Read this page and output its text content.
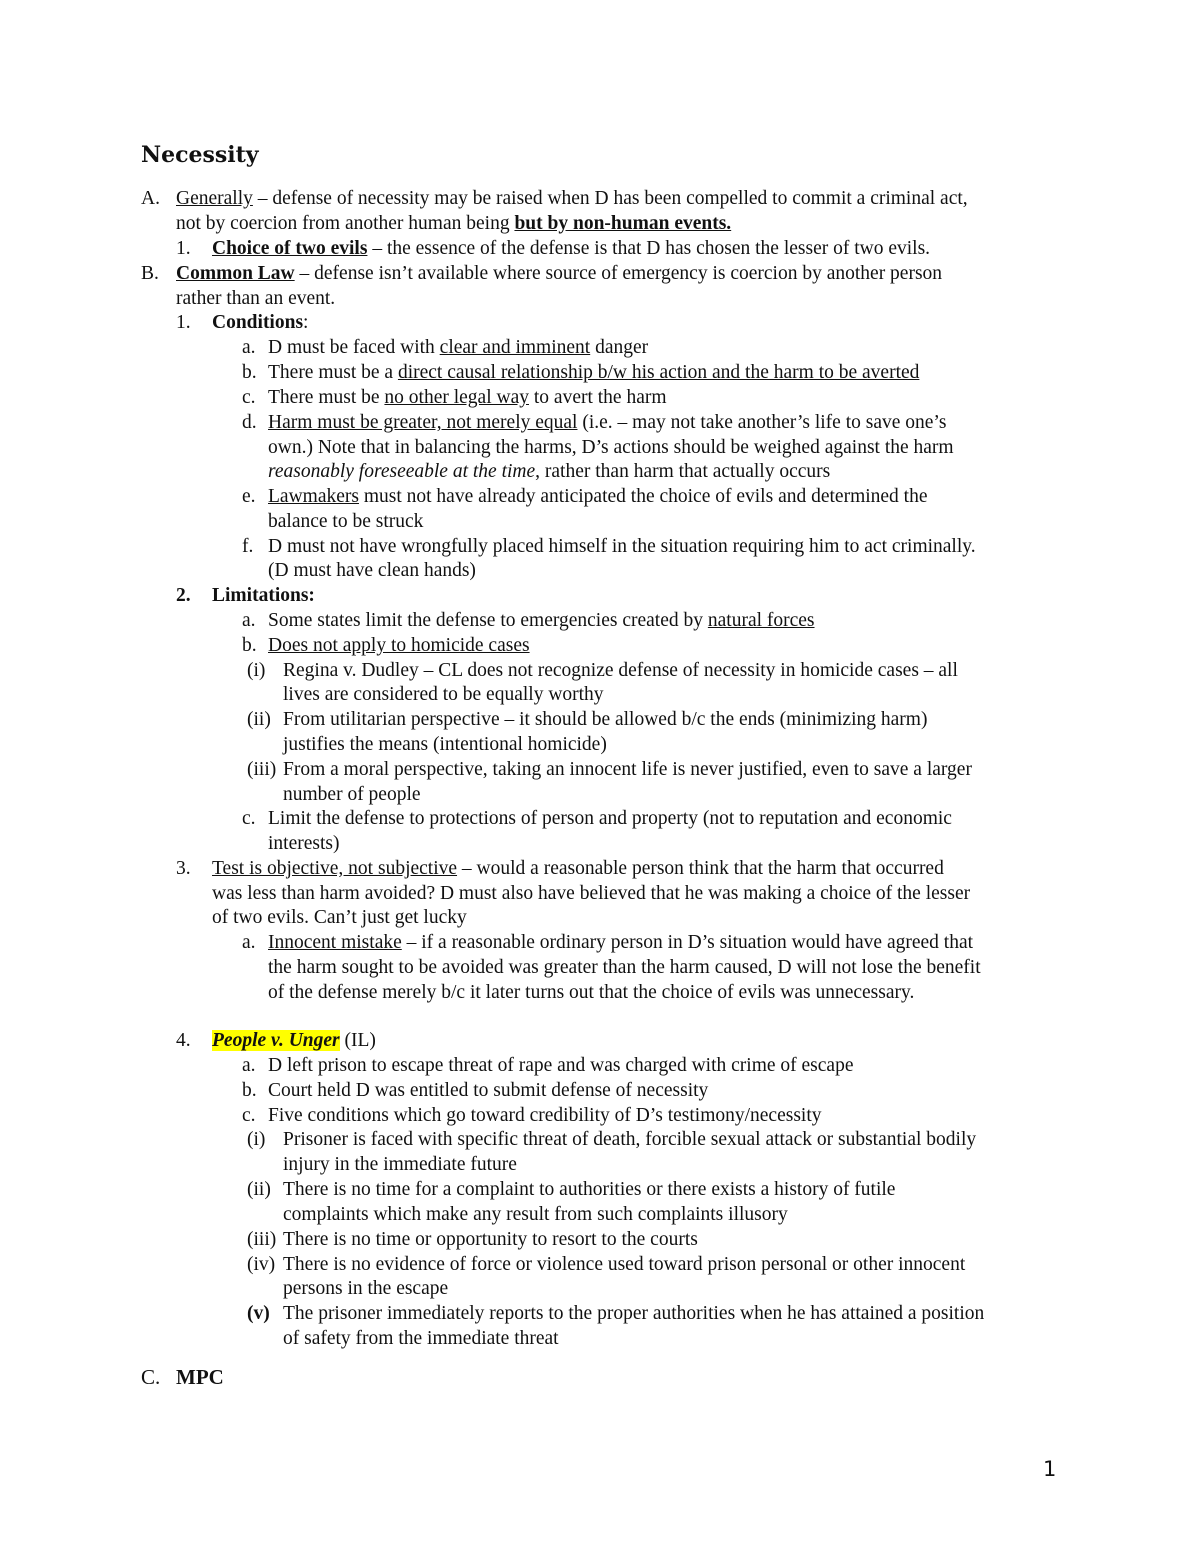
Necessity
A. Generally – defense of necessity may be raised when D has been compelled to commit a criminal act,
not by coercion from another human being but by non-human events.
1. Choice of two evils – the essence of the defense is that D has chosen the lesser of two evils.
B. Common Law – defense isn’t available where source of emergency is coercion by another person
rather than an event.
1. Conditions:
a. D must be faced with clear and imminent danger
b. There must be a direct causal relationship b/w his action and the harm to be averted
c. There must be no other legal way to avert the harm
d. Harm must be greater, not merely equal (i.e. – may not take another’s life to save one’s
own.) Note that in balancing the harms, D’s actions should be weighed against the harm
reasonably foreseeable at the time, rather than harm that actually occurs
e. Lawmakers must not have already anticipated the choice of evils and determined the
balance to be struck
f. D must not have wrongfully placed himself in the situation requiring him to act criminally.
(D must have clean hands)
2. Limitations:
a. Some states limit the defense to emergencies created by natural forces
b. Does not apply to homicide cases
(i) Regina v. Dudley – CL does not recognize defense of necessity in homicide cases – all
lives are considered to be equally worthy
(ii) From utilitarian perspective – it should be allowed b/c the ends (minimizing harm)
justifies the means (intentional homicide)
(iii) From a moral perspective, taking an innocent life is never justified, even to save a larger
number of people
c. Limit the defense to protections of person and property (not to reputation and economic
interests)
3. Test is objective, not subjective – would a reasonable person think that the harm that occurred
was less than harm avoided? D must also have believed that he was making a choice of the lesser
of two evils. Can’t just get lucky
a. Innocent mistake – if a reasonable ordinary person in D’s situation would have agreed that
the harm sought to be avoided was greater than the harm caused, D will not lose the benefit
of the defense merely b/c it later turns out that the choice of evils was unnecessary.
4. People v. Unger (IL)
a. D left prison to escape threat of rape and was charged with crime of escape
b. Court held D was entitled to submit defense of necessity
c. Five conditions which go toward credibility of D’s testimony/necessity
(i) Prisoner is faced with specific threat of death, forcible sexual attack or substantial bodily
injury in the immediate future
(ii) There is no time for a complaint to authorities or there exists a history of futile
complaints which make any result from such complaints illusory
(iii) There is no time or opportunity to resort to the courts
(iv) There is no evidence of force or violence used toward prison personal or other innocent
persons in the escape
(v) The prisoner immediately reports to the proper authorities when he has attained a position
of safety from the immediate threat
C. MPC
1
